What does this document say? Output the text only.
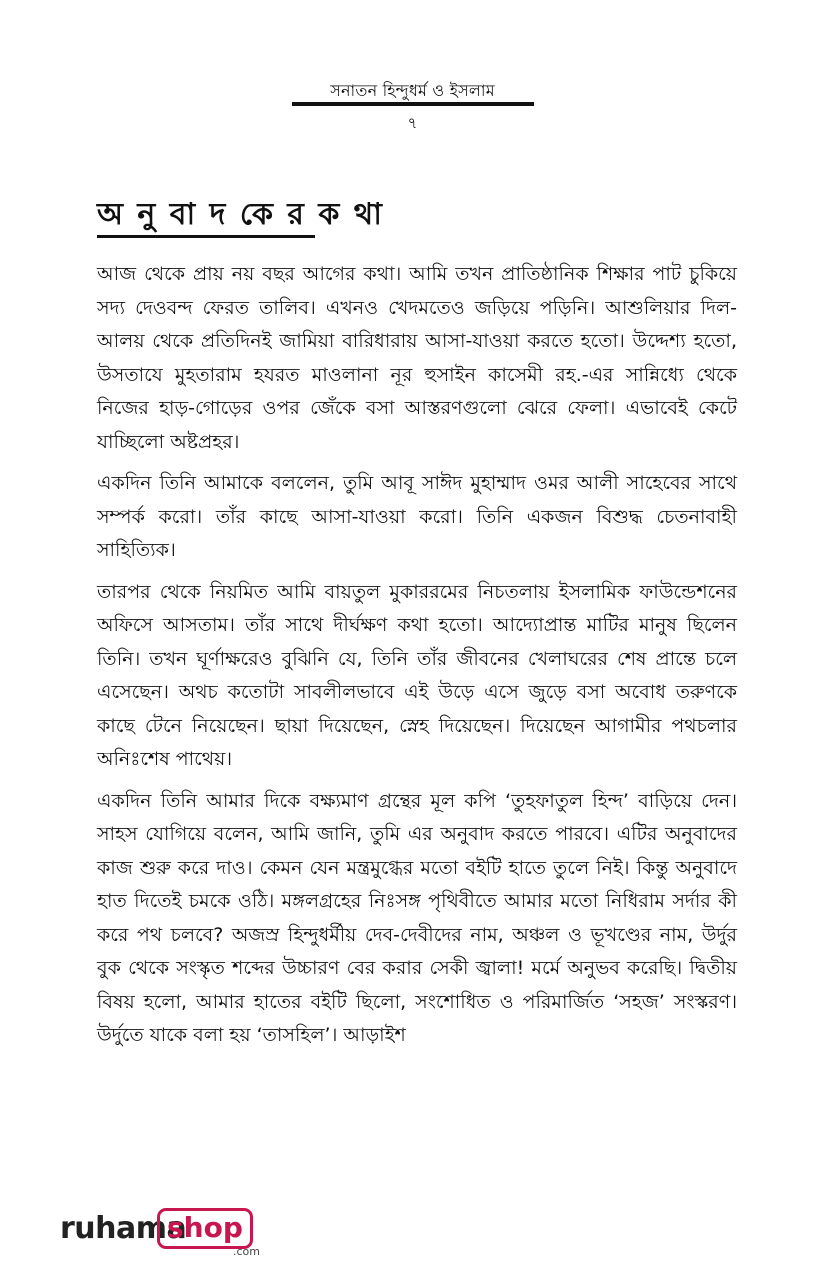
সনাতন হিন্দুধর্ম ও ইসলাম
৭
অ নু বা দ কে র ক থা

আজ থেকে প্রায় নয় বছর আগের কথা। আমি তখন প্রাতিষ্ঠানিক শিক্ষার পাট চুকিয়ে সদ্য দেওবন্দ ফেরত তালিব। এখনও খেদমতেও জড়িয়ে পড়িনি। আশুলিয়ার দিল-আলয় থেকে প্রতিদিনই জামিয়া বারিধারায় আসা-যাওয়া করতে হতো। উদ্দেশ্য হতো, উসতাযে মুহতারাম হযরত মাওলানা নূর হুসাইন কাসেমী রহ.-এর সান্নিধ্যে থেকে নিজের হাড়-গোড়ের ওপর জেঁকে বসা আস্তরণগুলো ঝেরে ফেলা। এভাবেই কেটে যাচ্ছিলো অষ্টপ্রহর।

একদিন তিনি আমাকে বললেন, তুমি আবূ সাঈদ মুহাম্মাদ ওমর আলী সাহেবের সাথে সম্পর্ক করো। তাঁর কাছে আসা-যাওয়া করো। তিনি একজন বিশুদ্ধ চেতনাবাহী সাহিত্যিক।

তারপর থেকে নিয়মিত আমি বায়তুল মুকাররমের নিচতলায় ইসলামিক ফাউন্ডেশনের অফিসে আসতাম। তাঁর সাথে দীর্ঘক্ষণ কথা হতো। আদ্যোপ্রান্ত মাটির মানুষ ছিলেন তিনি। তখন ঘূর্ণাক্ষরেও বুঝিনি যে, তিনি তাঁর জীবনের খেলাঘরের শেষ প্রান্তে চলে এসেছেন। অথচ কতোটা সাবলীলভাবে এই উড়ে এসে জুড়ে বসা অবোধ তরুণকে কাছে টেনে নিয়েছেন। ছায়া দিয়েছেন, স্নেহ দিয়েছেন। দিয়েছেন আগামীর পথচলার অনিঃশেষ পাথেয়।

একদিন তিনি আমার দিকে বক্ষ্যমাণ গ্রন্থের মূল কপি ‘তুহফাতুল হিন্দ’ বাড়িয়ে দেন। সাহস যোগিয়ে বলেন, আমি জানি, তুমি এর অনুবাদ করতে পারবে। এটির অনুবাদের কাজ শুরু করে দাও। কেমন যেন মন্ত্রমুগ্ধের মতো বইটি হাতে তুলে নিই। কিন্তু অনুবাদে হাত দিতেই চমকে ওঠি। মঙ্গলগ্রহের নিঃসঙ্গ পৃথিবীতে আমার মতো নিধিরাম সর্দার কী করে পথ চলবে? অজস্র হিন্দুধর্মীয় দেব-দেবীদের নাম, অঞ্চল ও ভূখণ্ডের নাম, উর্দুর বুক থেকে সংস্কৃত শব্দের উচ্চারণ বের করার সেকী জ্বালা! মর্মে অনুভব করেছি। দ্বিতীয় বিষয় হলো, আমার হাতের বইটি ছিলো, সংশোধিত ও পরিমার্জিত ‘সহজ’ সংস্করণ। উর্দুতে যাকে বলা হয় ‘তাসহিল’। আড়াইশ

ruhama
shop
.com
